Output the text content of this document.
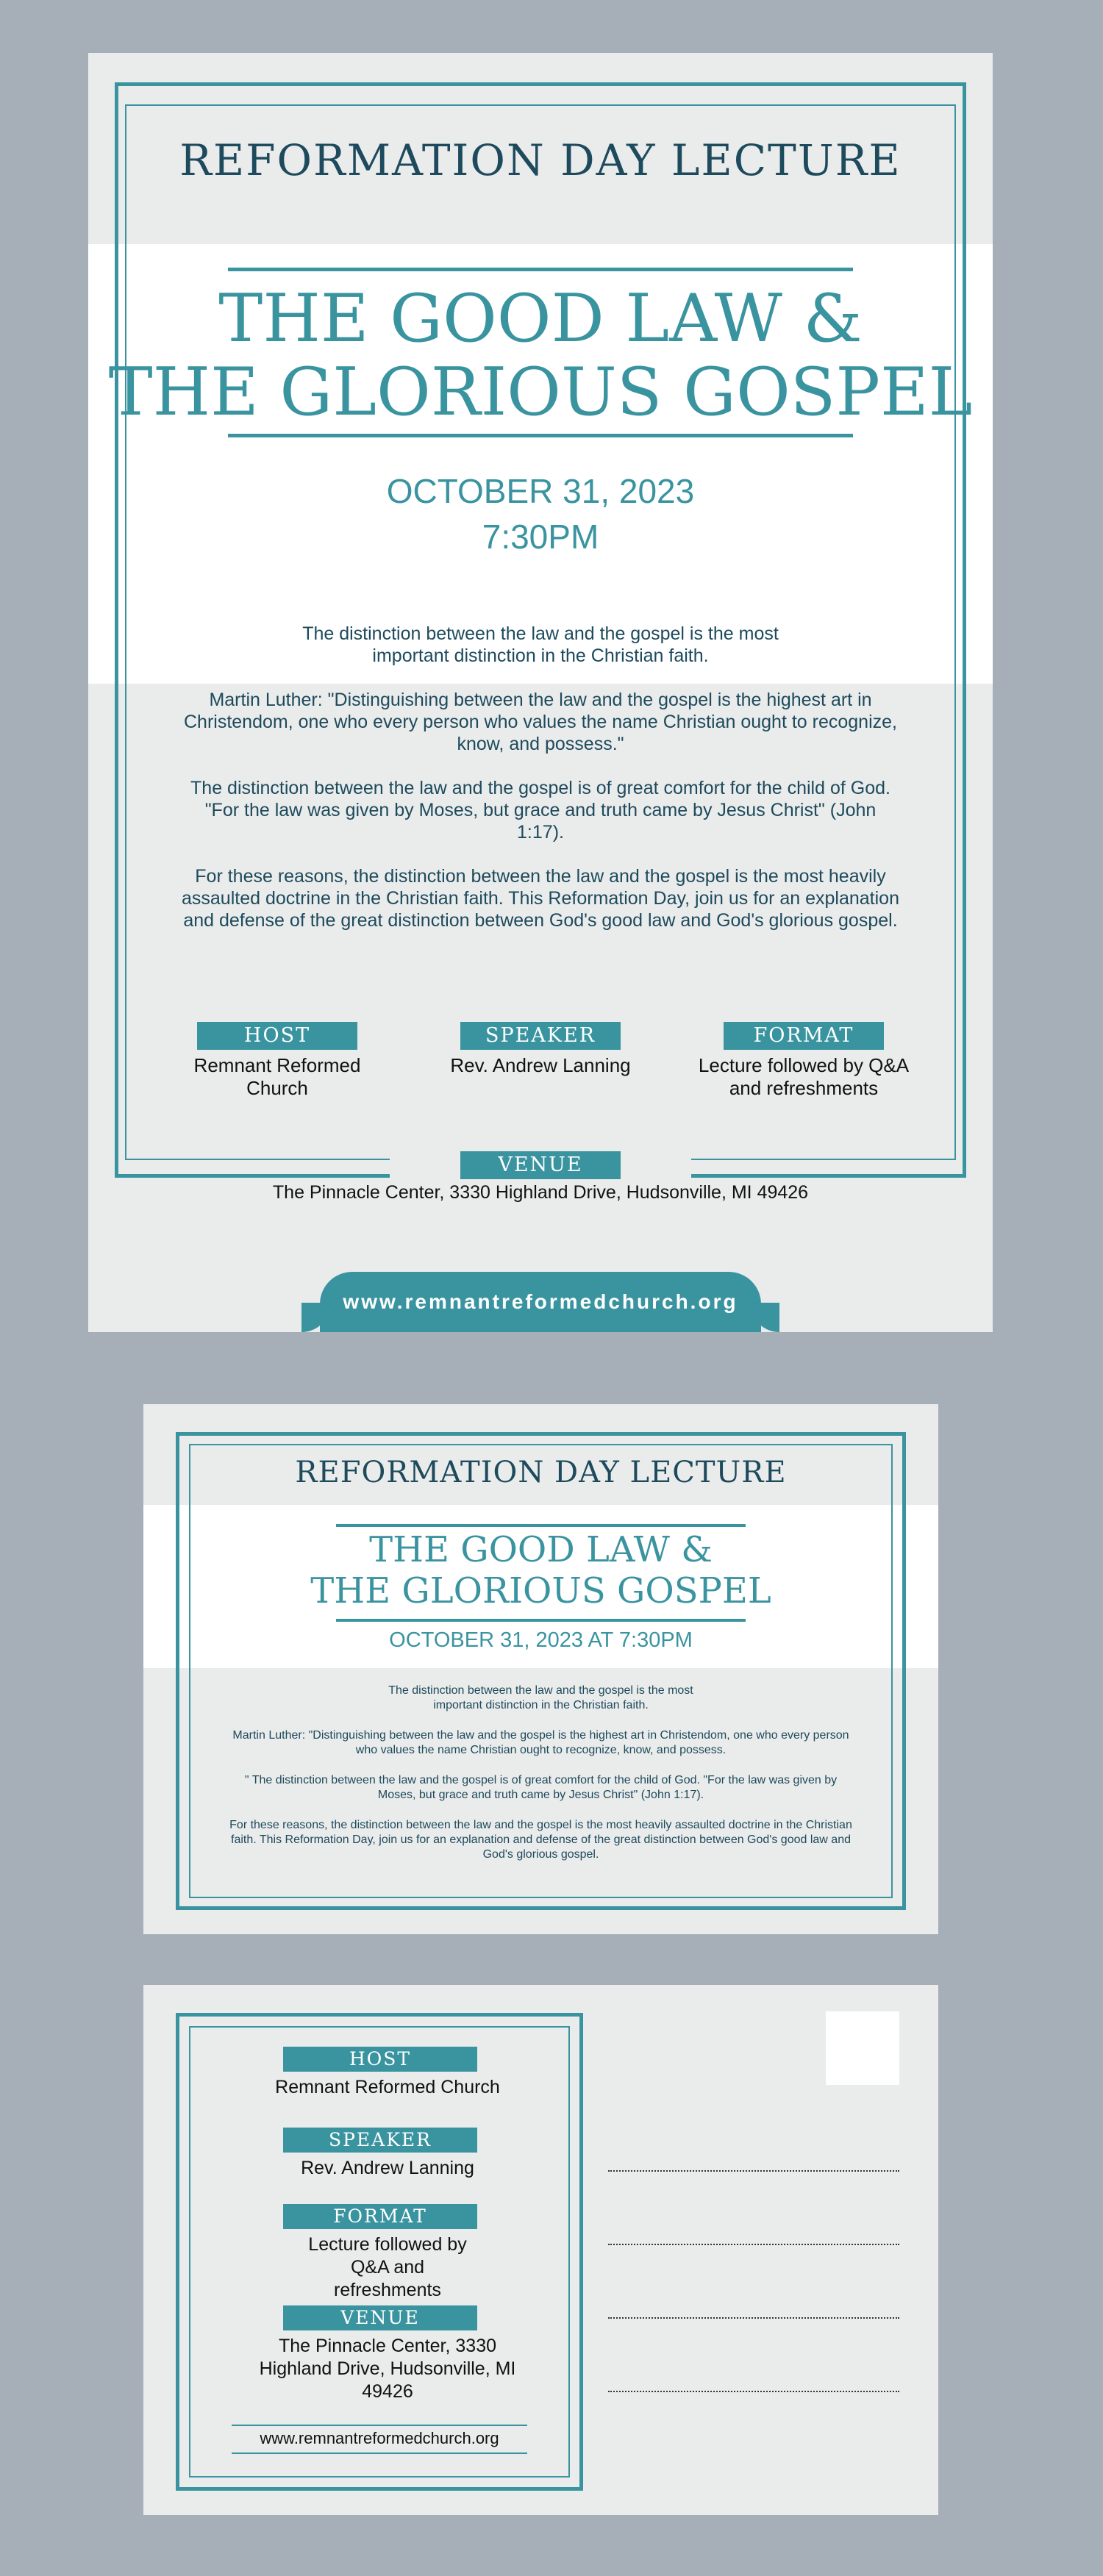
REFORMATION DAY LECTURE
THE GOOD LAW &
THE GLORIOUS GOSPEL
OCTOBER 31, 2023
7:30PM

The distinction between the law and the gospel is the most important distinction in the Christian faith.

Martin Luther: "Distinguishing between the law and the gospel is the highest art in Christendom, one who every person who values the name Christian ought to recognize, know, and possess."

The distinction between the law and the gospel is of great comfort for the child of God. "For the law was given by Moses, but grace and truth came by Jesus Christ" (John 1:17).

For these reasons, the distinction between the law and the gospel is the most heavily assaulted doctrine in the Christian faith. This Reformation Day, join us for an explanation and defense of the great distinction between God's good law and God's glorious gospel.

HOST
Remnant Reformed Church
SPEAKER
Rev. Andrew Lanning
FORMAT
Lecture followed by Q&A and refreshments
VENUE
The Pinnacle Center, 3330 Highland Drive, Hudsonville, MI 49426
www.remnantreformedchurch.org
REFORMATION DAY LECTURE
THE GOOD LAW &
THE GLORIOUS GOSPEL
OCTOBER 31, 2023 AT 7:30PM

The distinction between the law and the gospel is the most important distinction in the Christian faith.

Martin Luther: "Distinguishing between the law and the gospel is the highest art in Christendom, one who every person who values the name Christian ought to recognize, know, and possess.

" The distinction between the law and the gospel is of great comfort for the child of God. "For the law was given by Moses, but grace and truth came by Jesus Christ" (John 1:17).

For these reasons, the distinction between the law and the gospel is the most heavily assaulted doctrine in the Christian faith. This Reformation Day, join us for an explanation and defense of the great distinction between God's good law and God's glorious gospel.

HOST
Remnant Reformed Church
SPEAKER
Rev. Andrew Lanning
FORMAT
Lecture followed by Q&A and refreshments
VENUE
The Pinnacle Center, 3330 Highland Drive, Hudsonville, MI 49426
www.remnantreformedchurch.org
